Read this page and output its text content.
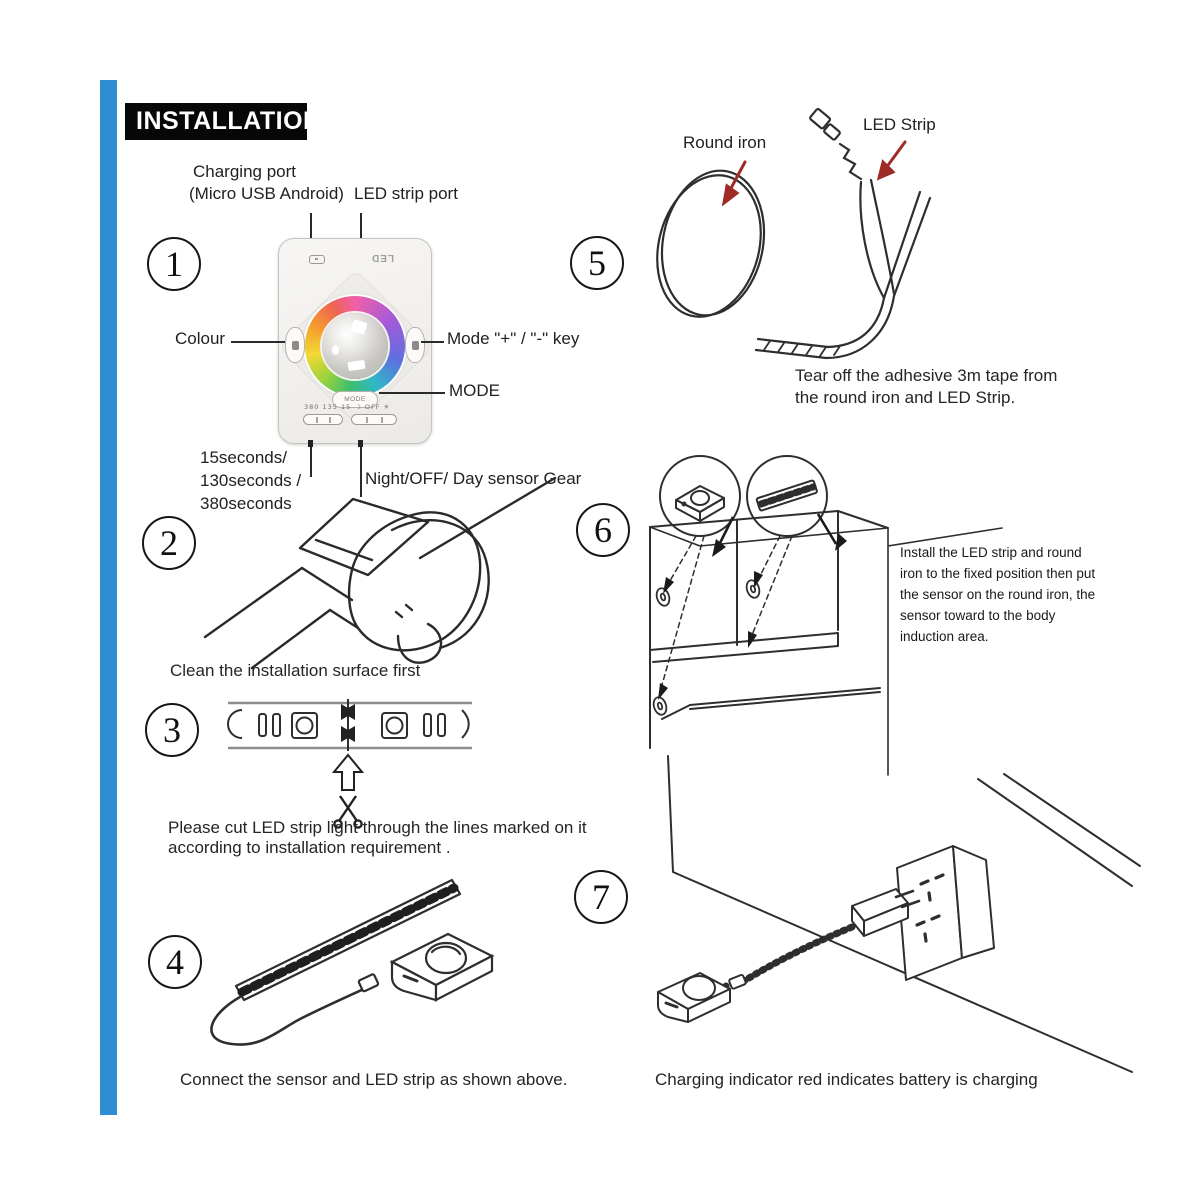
INSTALLATION
1
Charging port
(Micro USB Android) LED strip port
LED
MODE
380 135 15 ☽ OFF ☀
Colour	Mode "+" / "-" key
MODE
15seconds/
130seconds /
380seconds
Night/OFF/ Day sensor Gear
2
Clean the installation surface first
3
Please cut LED strip light through the lines marked on it
according to installation requirement .
4
Connect the sensor and LED strip as shown above.
5
Round iron
LED Strip
Tear off the adhesive 3m tape from
the round iron and LED Strip.
6
Install the LED strip and round iron to the fixed position then put the sensor on the round iron, the sensor toward to the body induction area.
7
Charging indicator red indicates battery is charging
